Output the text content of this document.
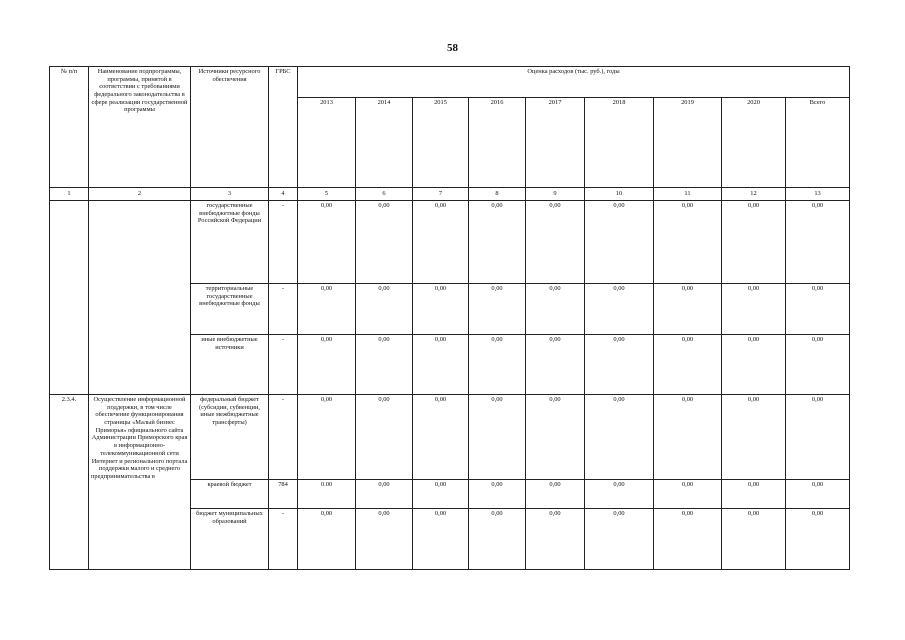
58
№ п/п	Наименование подпрограммы, программы, принятой в соответствии с требованиями федерального законодательства в сфере реализации государственной программы	Источники ресурсного обеспечения	ГРБС	Оценка расходов (тыс. руб.), годы								
				2013	2014	2015	2016	2017	2018	2019	2020	Всего
1	2	3	4	5	6	7	8	9	10	11	12	13
		государственные внебюджетные фонды Российской Федерации	-	0,00	0,00	0,00	0,00	0,00	0,00	0,00	0,00	0,00
		территориальные государственные внебюджетные фонды	-	0,00	0,00	0,00	0,00	0,00	0,00	0,00	0,00	0,00
		иные внебюджетные источники	-	0,00	0,00	0,00	0,00	0,00	0,00	0,00	0,00	0,00
2.3.4.	Осуществление информационной поддержки, в том числе обеспечение функционирования страницы «Малый бизнес Приморья» официального сайта Администрации Приморского края в информационно-телекоммуникационной сети Интернет и регионального портала поддержки малого и среднего предпринимательства в	федеральный бюджет (субсидии, субвенции, иные межбюджетные трансферты)	-	0,00	0,00	0,00	0,00	0,00	0,00	0,00	0,00	0,00
		краевой бюджет	784	0.00	0,00	0,00	0,00	0,00	0,00	0,00	0,00	0,00
		бюджет муниципальных образований	-	0,00	0,00	0,00	0,00	0,00	0,00	0,00	0,00	0,00
